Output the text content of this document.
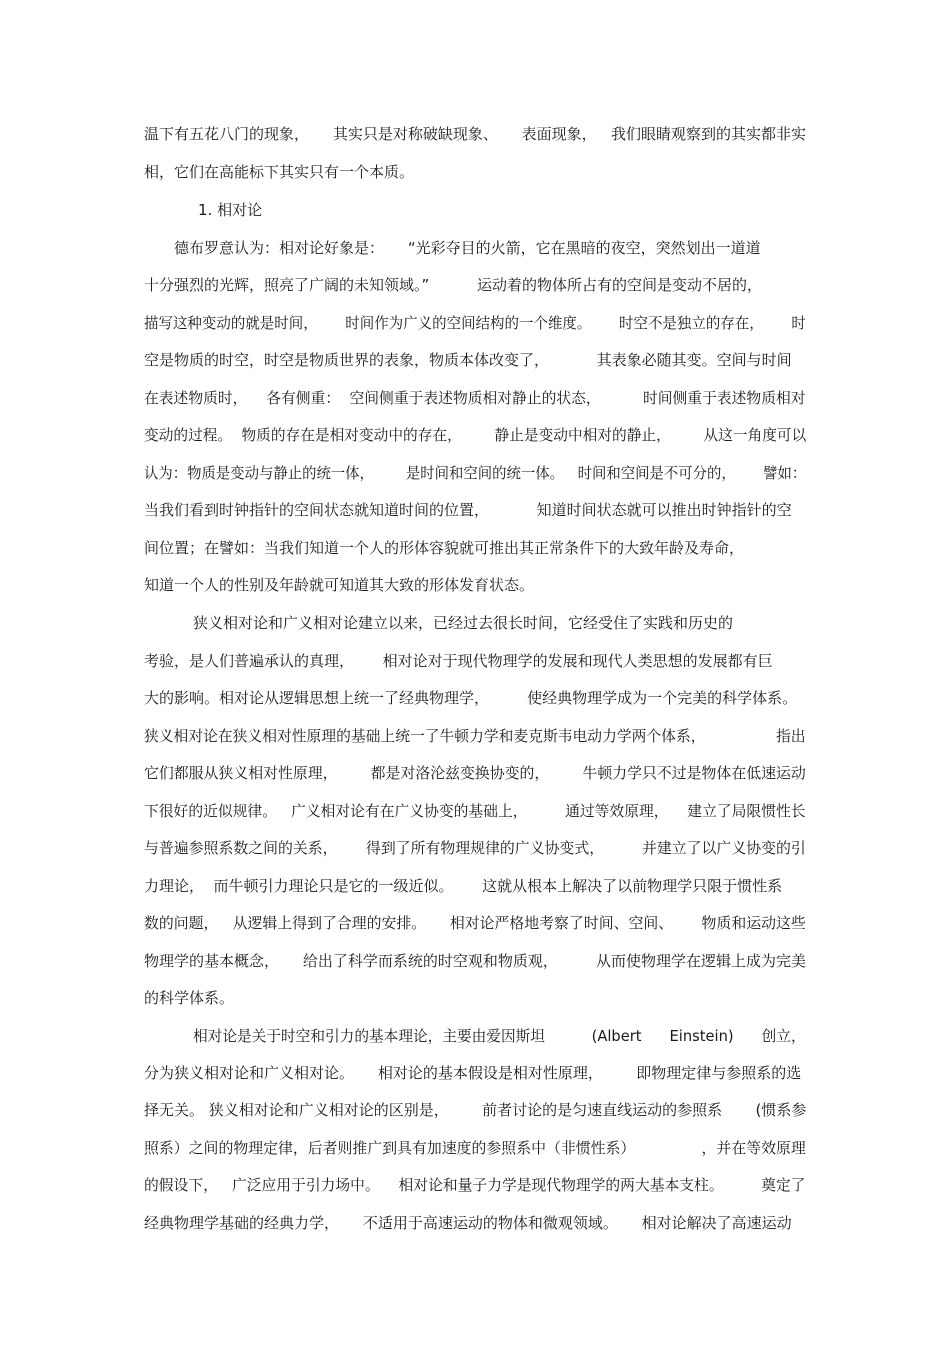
温下有五花八门的现象，     其实只是对称破缺现象、     表面现象，   我们眼睛观察到的其实都非实
相，它们在高能标下其实只有一个本质。
1. 相对论
德布罗意认为：相对论好象是：     “光彩夺目的火箭，它在黑暗的夜空，突然划出一道道
十分强烈的光辉，照亮了广阔的未知领域。”          运动着的物体所占有的空间是变动不居的，
描写这种变动的就是时间，      时间作为广义的空间结构的一个维度。      时空不是独立的存在，      时
空是物质的时空，时空是物质世界的表象，物质本体改变了，          其表象必随其变。空间与时间
在表述物质时，    各有侧重：  空间侧重于表述物质相对静止的状态，         时间侧重于表述物质相对
变动的过程。  物质的存在是相对变动中的存在，       静止是变动中相对的静止，       从这一角度可以
认为：物质是变动与静止的统一体，       是时间和空间的统一体。   时间和空间是不可分的，      譬如：
当我们看到时钟指针的空间状态就知道时间的位置，          知道时间状态就可以推出时钟指针的空
间位置；在譬如：当我们知道一个人的形体容貌就可推出其正常条件下的大致年龄及寿命，
知道一个人的性别及年龄就可知道其大致的形体发育状态。
狭义相对论和广义相对论建立以来，已经过去很长时间，它经受住了实践和历史的
考验，是人们普遍承认的真理，      相对论对于现代物理学的发展和现代人类思想的发展都有巨
大的影响。相对论从逻辑思想上统一了经典物理学，        使经典物理学成为一个完美的科学体系。
狭义相对论在狭义相对性原理的基础上统一了牛顿力学和麦克斯韦电动力学两个体系，               指出
它们都服从狭义相对性原理，       都是对洛沦兹变换协变的，       牛顿力学只不过是物体在低速运动
下很好的近似规律。   广义相对论有在广义协变的基础上，        通过等效原理，    建立了局限惯性长
与普遍参照系数之间的关系，      得到了所有物理规律的广义协变式，        并建立了以广义协变的引
力理论，  而牛顿引力理论只是它的一级近似。      这就从根本上解决了以前物理学只限于惯性系
数的问题，   从逻辑上得到了合理的安排。     相对论严格地考察了时间、空间、      物质和运动这些
物理学的基本概念，     给出了科学而系统的时空观和物质观，        从而使物理学在逻辑上成为完美
的科学体系。
相对论是关于时空和引力的基本理论，主要由爱因斯坦          (Albert      Einstein)      创立，
分为狭义相对论和广义相对论。     相对论的基本假设是相对性原理，       即物理定律与参照系的选
择无关。 狭义相对论和广义相对论的区别是，       前者讨论的是匀速直线运动的参照系       (惯系参
照系）之间的物理定律，后者则推广到具有加速度的参照系中（非惯性系）              ，并在等效原理
的假设下，   广泛应用于引力场中。    相对论和量子力学是现代物理学的两大基本支柱。        奠定了
经典物理学基础的经典力学，     不适用于高速运动的物体和微观领域。     相对论解决了高速运动
